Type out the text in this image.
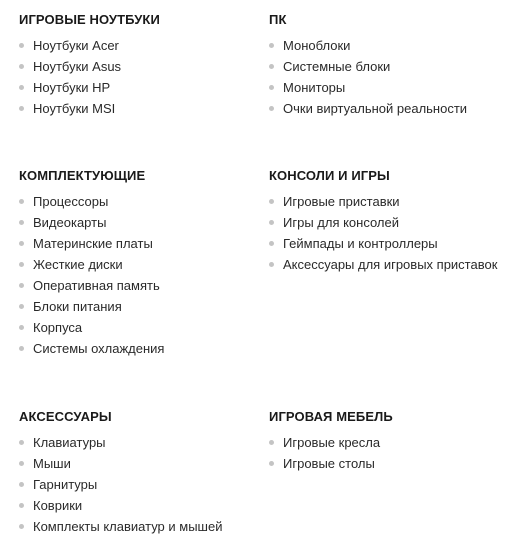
ИГРОВЫЕ НОУТБУКИ
Ноутбуки Acer
Ноутбуки Asus
Ноутбуки HP
Ноутбуки MSI
ПК
Моноблоки
Системные блоки
Мониторы
Очки виртуальной реальности
КОМПЛЕКТУЮЩИЕ
Процессоры
Видеокарты
Материнские платы
Жесткие диски
Оперативная память
Блоки питания
Корпуса
Системы охлаждения
КОНСОЛИ И ИГРЫ
Игровые приставки
Игры для консолей
Геймпады и контроллеры
Аксессуары для игровых приставок
АКСЕССУАРЫ
Клавиатуры
Мыши
Гарнитуры
Коврики
Комплекты клавиатур и мышей
ИГРОВАЯ МЕБЕЛЬ
Игровые кресла
Игровые столы
